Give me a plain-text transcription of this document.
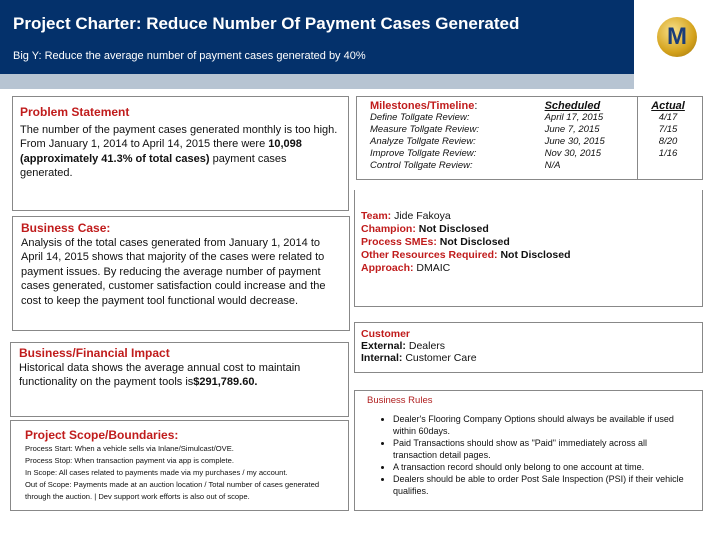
Project Charter: Reduce Number Of Payment Cases Generated
Big Y: Reduce the average number of payment cases generated by 40%
M
Problem Statement
The number of the payment cases generated monthly is too high. From January 1, 2014 to April 14, 2015 there were 10,098 (approximately 41.3% of total cases) payment cases generated.
Business Case:
Analysis of the total cases generated from January 1, 2014 to April 14, 2015 shows that majority of the cases were related to payment issues. By reducing the average number of payment cases generated, customer satisfaction could increase and the cost to keep the payment tool functional would decrease.
Business/Financial Impact
Historical data shows the average annual cost to maintain functionality on the payment tools is$291,789.60.
Project Scope/Boundaries:
Process Start: When a vehicle sells via Inlane/Simulcast/OVE.
Process Stop: When transaction payment via app is complete.
In Scope: All cases related to payments made via my purchases / my account.
Out of Scope: Payments made at an auction location / Total number of cases generated through the auction. | Dev support work efforts is also out of scope.
Milestones/Timeline:	Scheduled	Actual
Define Tollgate Review:	April 17, 2015	4/17
Measure Tollgate Review:	June 7, 2015	7/15
Analyze Tollgate Review:	June 30, 2015	8/20
Improve Tollgate Review:	Nov 30, 2015	1/16
Control Tollgate Review:	N/A	
Team: Jide Fakoya
Champion: Not Disclosed
Process SMEs: Not Disclosed
Other Resources Required: Not Disclosed
Approach: DMAIC
Customer
External: Dealers
Internal: Customer Care
Business Rules
• Dealer's Flooring Company Options should always be available if used within 60days.
• Paid Transactions should show as "Paid" immediately across all transaction detail pages.
• A transaction record should only belong to one account at time.
• Dealers should be able to order Post Sale Inspection (PSI) if their vehicle qualifies.
